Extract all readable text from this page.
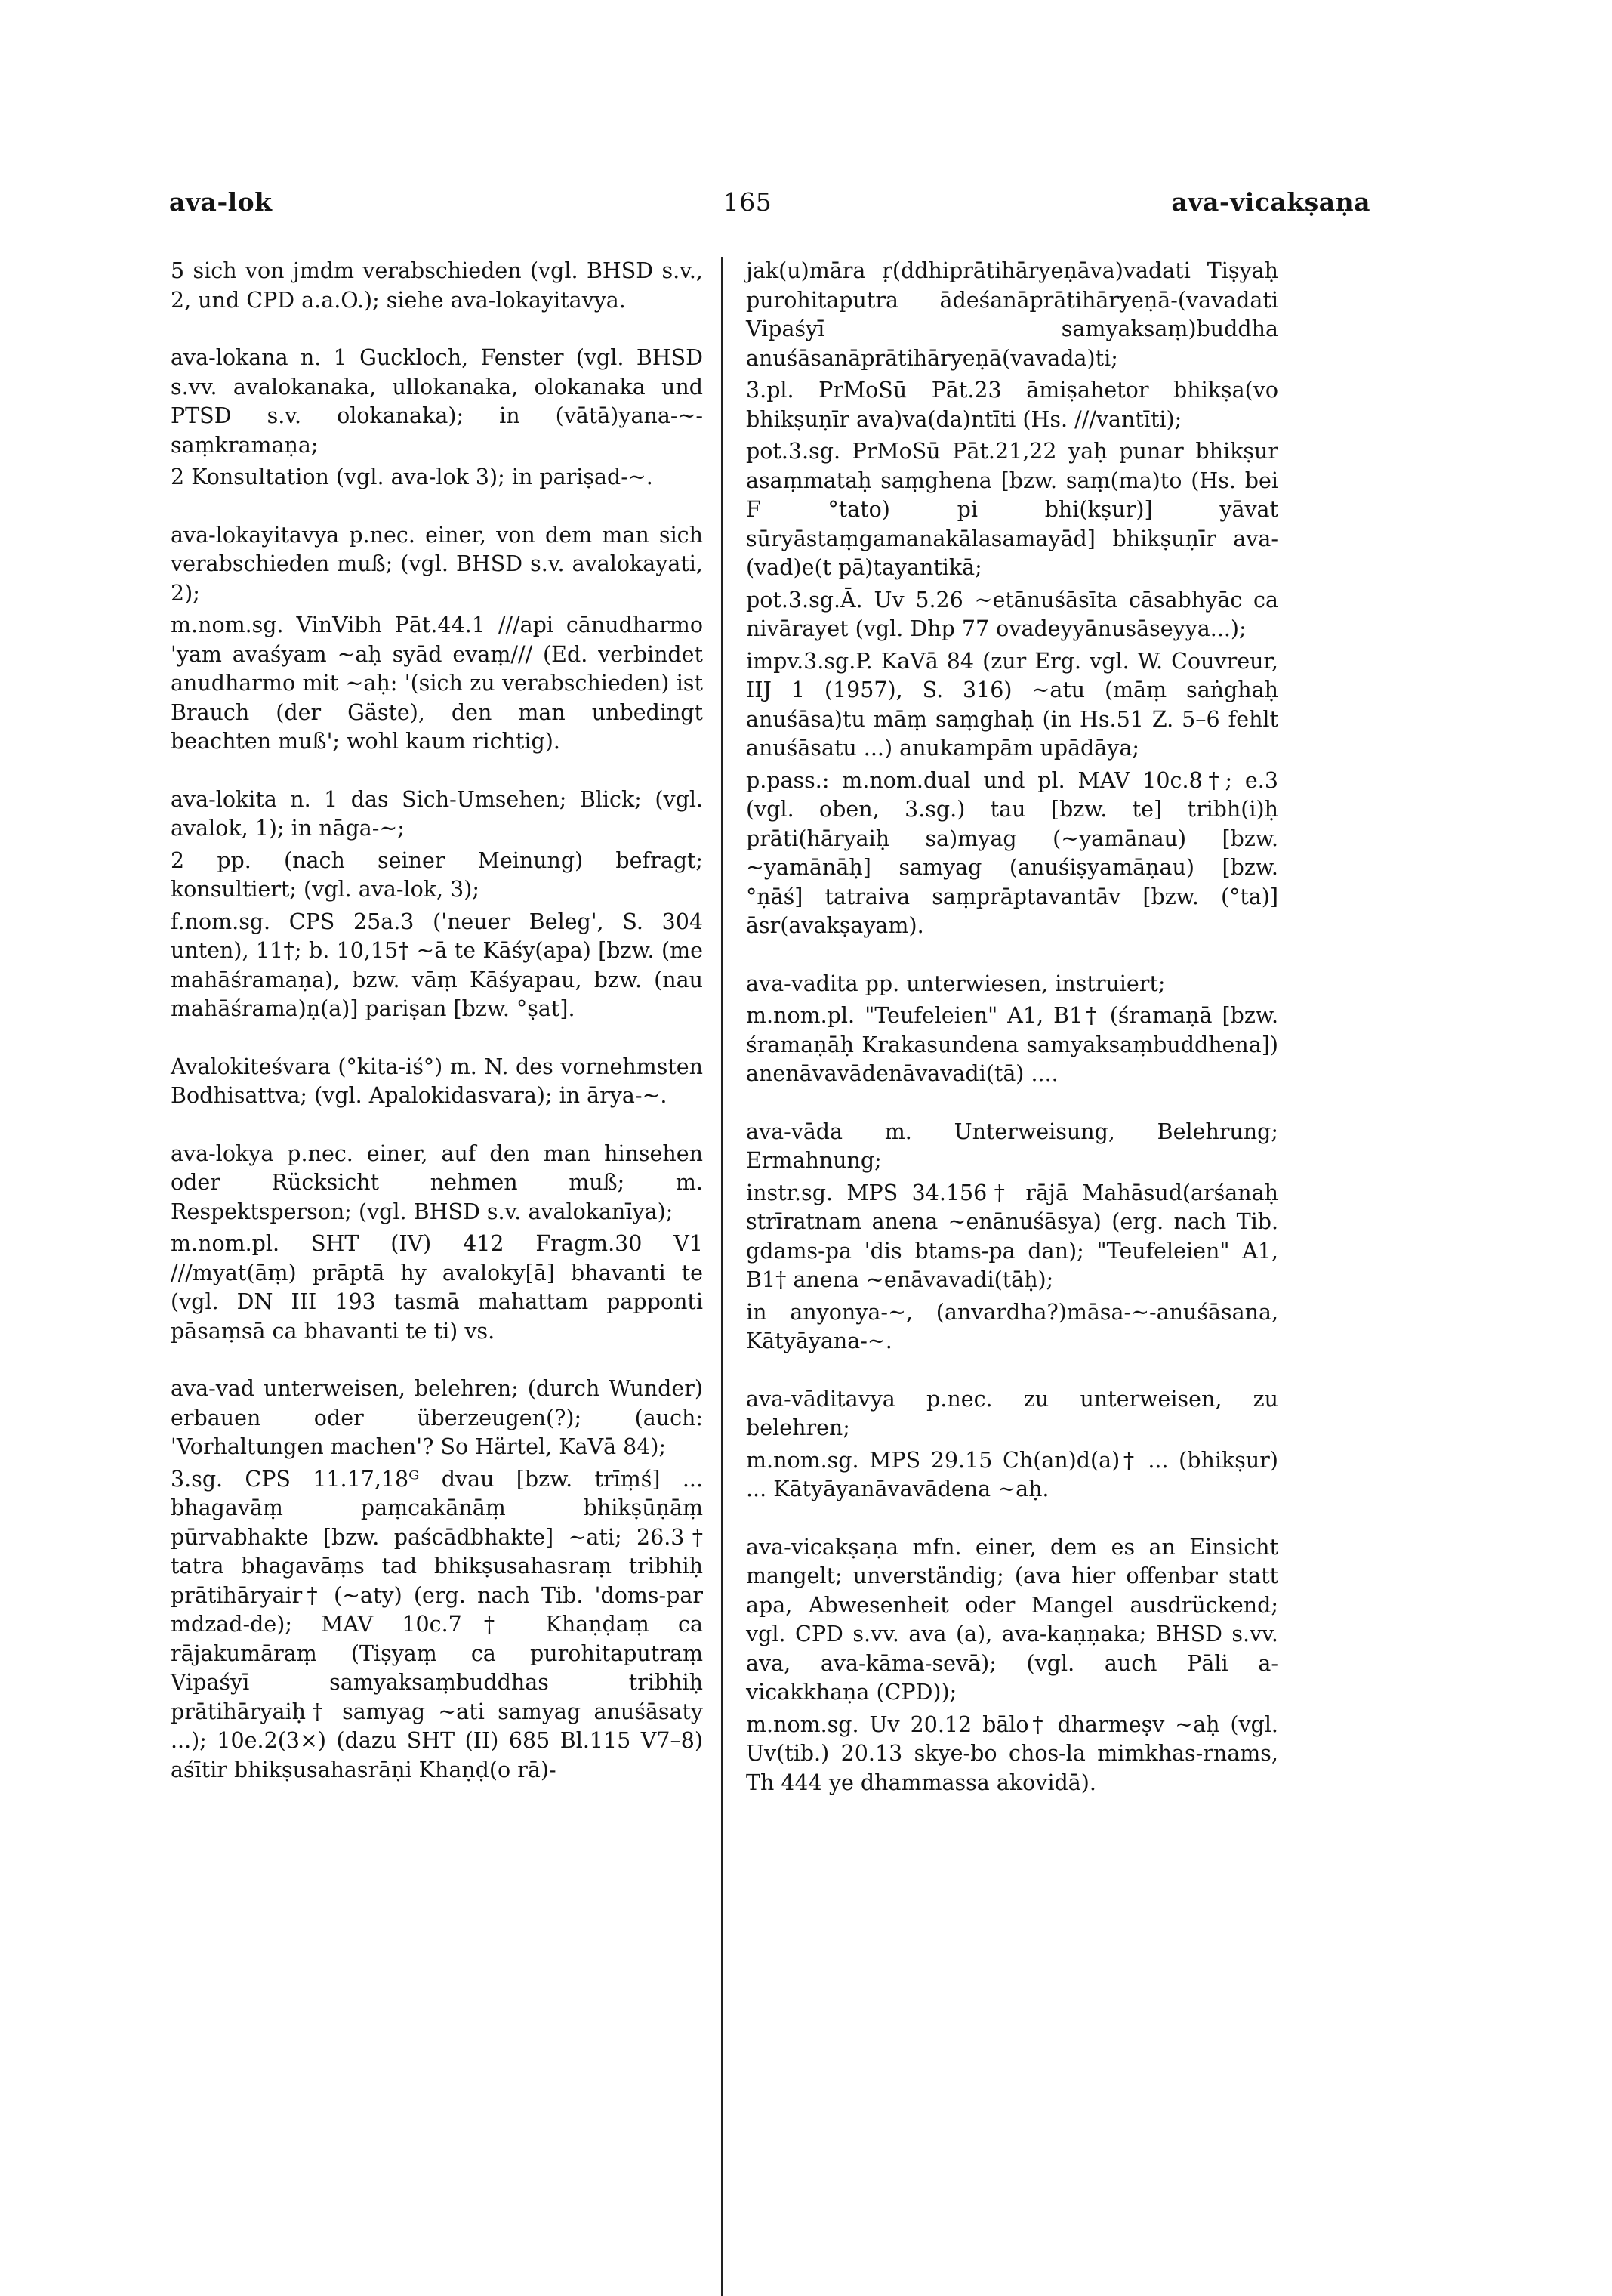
ava-lok	165	ava-vicakṣaṇa

5 sich von jmdm verabschieden (vgl. BHSD s.v., 2, und CPD a.a.O.); siehe ava-lokayitavya.

ava-lokana n. 1 Guckloch, Fenster (vgl. BHSD s.vv. avalokanaka, ullokanaka, olokanaka und PTSD s.v. olokanaka); in (vātā)yana-~-saṃkramaṇa;

2 Konsultation (vgl. ava-lok 3); in pariṣad-~.

ava-lokayitavya p.nec. einer, von dem man sich verabschieden muß; (vgl. BHSD s.v. avalokayati, 2);

m.nom.sg. VinVibh Pāt.44.1 ///api cānudharmo 'yam avaśyam ~aḥ syād evaṃ/// (Ed. verbindet anudharmo mit ~aḥ: '(sich zu verabschieden) ist Brauch (der Gäste), den man unbedingt beachten muß'; wohl kaum richtig).

ava-lokita n. 1 das Sich-Umsehen; Blick; (vgl. avalok, 1); in nāga-~;

2 pp. (nach seiner Meinung) befragt; konsultiert; (vgl. ava-lok, 3);

f.nom.sg. CPS 25a.3 ('neuer Beleg', S. 304 unten), 11†; b. 10,15† ~ā te Kāśy(apa) [bzw. (me mahāśramaṇa), bzw. vāṃ Kāśyapau, bzw. (nau mahāśrama)ṇ(a)] pariṣan [bzw. °ṣat].

Avalokiteśvara (°kita-iś°) m. N. des vornehmsten Bodhisattva; (vgl. Apalokidasvara); in ārya-~.

ava-lokya p.nec. einer, auf den man hinsehen oder Rücksicht nehmen muß; m. Respektsperson; (vgl. BHSD s.v. avalokanīya);

m.nom.pl. SHT (IV) 412 Fragm.30 V1 ///myat(āṃ) prāptā hy avaloky[ā] bhavanti te (vgl. DN III 193 tasmā mahattam papponti pāsaṃsā ca bhavanti te ti) vs.

ava-vad unterweisen, belehren; (durch Wunder) erbauen oder überzeugen(?); (auch: 'Vorhaltungen machen'? So Härtel, KaVā 84);

3.sg. CPS 11.17,18ᴳ dvau [bzw. trīṃś] ... bhagavāṃ paṃcakānāṃ bhikṣūṇāṃ pūrvabhakte [bzw. paścādbhakte] ~ati; 26.3† tatra bhagavāṃs tad bhikṣusahasraṃ tribhiḥ prātihāryair† (~aty) (erg. nach Tib. 'doms-par mdzad-de); MAV 10c.7† Khaṇḍaṃ ca rājakumāraṃ (Tiṣyaṃ ca purohitaputraṃ Vipaśyī samyaksaṃbuddhas tribhiḥ prātihāryaiḥ† samyag ~ati samyag anuśāsaty ...); 10e.2(3×) (dazu SHT (II) 685 Bl.115 V7–8) aśītir bhikṣusahasrāṇi Khaṇḍ(o rā)-

jak(u)māra ṛ(ddhiprātihāryeṇāva)vadati Tiṣyaḥ purohitaputra ādeśanāprātihāryeṇā-(vavadati Vipaśyī samyaksaṃ)buddha anuśāsanāprātihāryeṇā(vavada)ti;

3.pl. PrMoSū Pāt.23 āmiṣahetor bhikṣa(vo bhikṣuṇīr ava)va(da)ntīti (Hs. ///vantīti);

pot.3.sg. PrMoSū Pāt.21,22 yaḥ punar bhikṣur asaṃmataḥ saṃghena [bzw. saṃ(ma)to (Hs. bei F °tato) pi bhi(kṣur)] yāvat sūryāstaṃgamanakālasamayād] bhikṣuṇīr ava-(vad)e(t pā)tayantikā;

pot.3.sg.Ā. Uv 5.26 ~etānuśāsīta cāsabhyāc ca nivārayet (vgl. Dhp 77 ovadeyyānusāseyya...);

impv.3.sg.P. KaVā 84 (zur Erg. vgl. W. Couvreur, IIJ 1 (1957), S. 316) ~atu (māṃ saṅghaḥ anuśāsa)tu māṃ saṃghaḥ (in Hs.51 Z. 5–6 fehlt anuśāsatu ...) anukampām upādāya;

p.pass.: m.nom.dual und pl. MAV 10c.8†; e.3 (vgl. oben, 3.sg.) tau [bzw. te] tribh(i)ḥ prāti(hāryaiḥ sa)myag (~yamānau) [bzw. ~yamānāḥ] samyag (anuśiṣyamāṇau) [bzw. °ṇāś] tatraiva saṃprāptavantāv [bzw. (°ta)] āsr(avakṣayam).

ava-vadita pp. unterwiesen, instruiert;

m.nom.pl. "Teufeleien" A1, B1† (śramaṇā [bzw. śramaṇāḥ Krakasundena samyaksaṃbuddhena]) anenāvavādenāvavadi(tā) ....

ava-vāda m. Unterweisung, Belehrung; Ermahnung;

instr.sg. MPS 34.156† rājā Mahāsud(arśanaḥ strīratnam anena ~enānuśāsya) (erg. nach Tib. gdams-pa 'dis btams-pa dan); "Teufeleien" A1, B1† anena ~enāvavadi(tāḥ);

in anyonya-~, (anvardha?)māsa-~-anuśāsana, Kātyāyana-~.

ava-vāditavya p.nec. zu unterweisen, zu belehren;

m.nom.sg. MPS 29.15 Ch(an)d(a)† ... (bhikṣur) ... Kātyāyanāvavādena ~aḥ.

ava-vicakṣaṇa mfn. einer, dem es an Einsicht mangelt; unverständig; (ava hier offenbar statt apa, Abwesenheit oder Mangel ausdrückend; vgl. CPD s.vv. ava (a), ava-kaṇṇaka; BHSD s.vv. ava, ava-kāma-sevā); (vgl. auch Pāli a-vicakkhaṇa (CPD));

m.nom.sg. Uv 20.12 bālo† dharmeṣv ~aḥ (vgl. Uv(tib.) 20.13 skye-bo chos-la mimkhas-rnams, Th 444 ye dhammassa akovidā).
